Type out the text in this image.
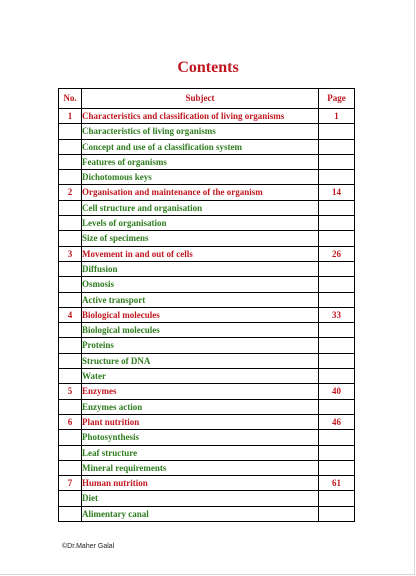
Contents
No.	Subject	Page
1	Characteristics and classification of living organisms	1
	Characteristics of living organisms	
	Concept and use of a classification system	
	Features of organisms	
	Dichotomous keys	
2	Organisation and maintenance of the organism	14
	Cell structure and organisation	
	Levels of organisation	
	Size of specimens	
3	Movement in and out of cells	26
	Diffusion	
	Osmosis	
	Active transport	
4	Biological molecules	33
	Biological molecules	
	Proteins	
	Structure of DNA	
	Water	
5	Enzymes	40
	Enzymes action	
6	Plant nutrition	46
	Photosynthesis	
	Leaf structure	
	Mineral requirements	
7	Human nutrition	61
	Diet	
	Alimentary canal	
©Dr.Maher Galal
